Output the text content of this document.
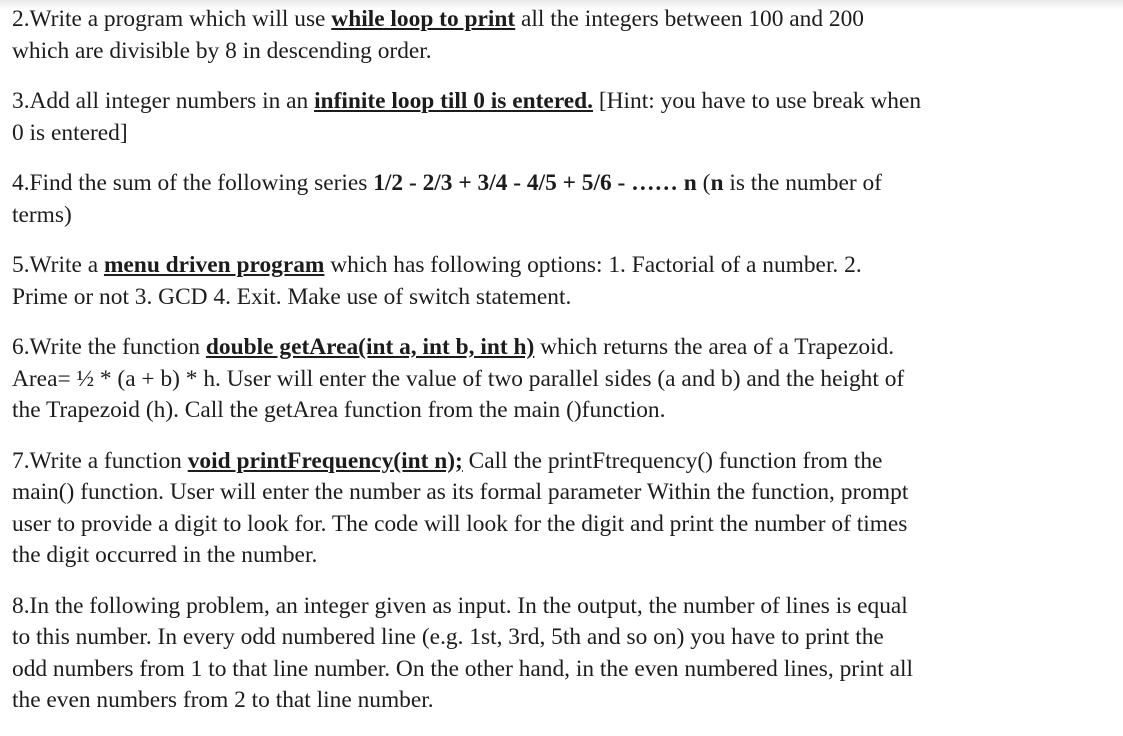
2.Write a program which will use while loop to print all the integers between 100 and 200
which are divisible by 8 in descending order.
3.Add all integer numbers in an infinite loop till 0 is entered. [Hint: you have to use break when
0 is entered]
4.Find the sum of the following series 1/2 - 2/3 + 3/4 - 4/5 + 5/6 - …… n (n is the number of
terms)
5.Write a menu driven program which has following options: 1. Factorial of a number. 2.
Prime or not 3. GCD 4. Exit. Make use of switch statement.
6.Write the function double getArea(int a, int b, int h) which returns the area of a Trapezoid.
Area= ½ * (a + b) * h. User will enter the value of two parallel sides (a and b) and the height of
the Trapezoid (h). Call the getArea function from the main ()function.
7.Write a function void printFrequency(int n); Call the printFtrequency() function from the
main() function. User will enter the number as its formal parameter Within the function, prompt
user to provide a digit to look for. The code will look for the digit and print the number of times
the digit occurred in the number.
8.In the following problem, an integer given as input. In the output, the number of lines is equal
to this number. In every odd numbered line (e.g. 1st, 3rd, 5th and so on) you have to print the
odd numbers from 1 to that line number. On the other hand, in the even numbered lines, print all
the even numbers from 2 to that line number.
